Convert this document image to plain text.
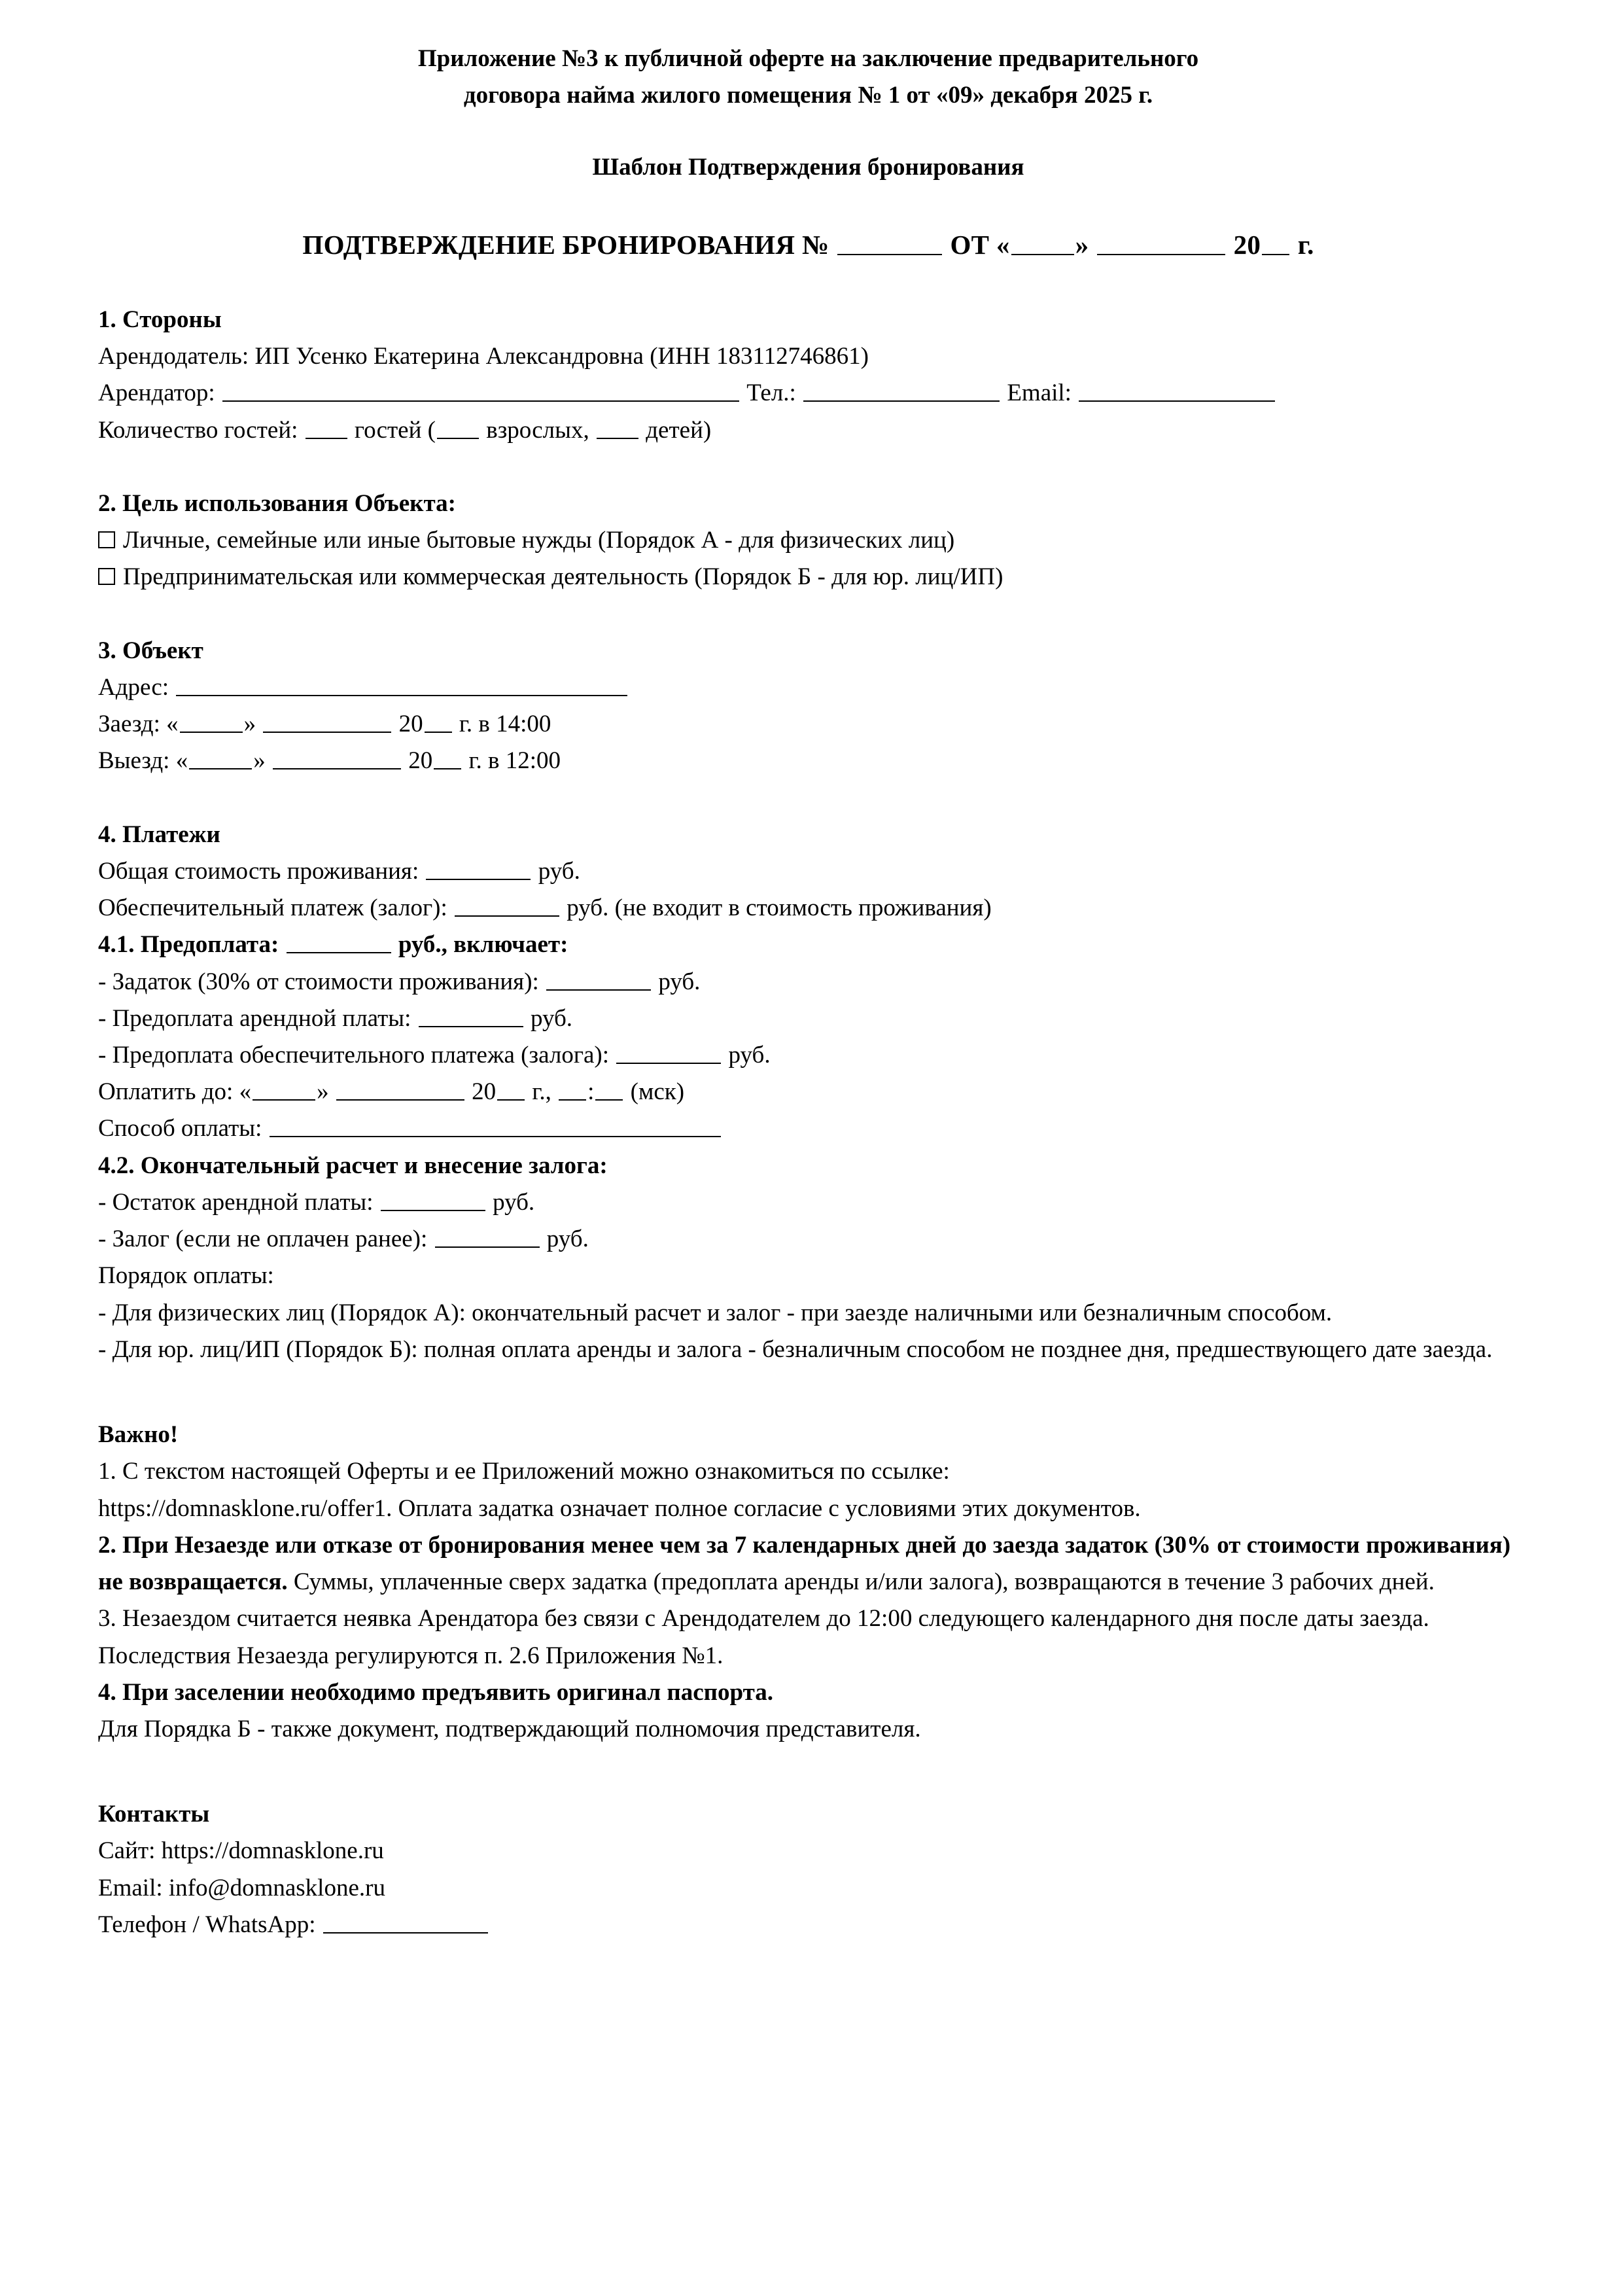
Приложение №3 к публичной оферте на заключение предварительного
договора найма жилого помещения № 1 от «09» декабря 2025 г.
Шаблон Подтверждения бронирования
ПОДТВЕРЖДЕНИЕ БРОНИРОВАНИЯ №	ОТ « »	20 г.
1. Стороны

Арендодатель: ИП Усенко Екатерина Александровна (ИНН 183112746861)

Арендатор:	Тел.:	Email:

Количество гостей: гостей ( взрослых, детей)

2. Цель использования Объекта:

Личные, семейные или иные бытовые нужды (Порядок А - для физических лиц)

Предпринимательская или коммерческая деятельность (Порядок Б - для юр. лиц/ИП)

3. Объект

Адрес:

Заезд: «	»	20 г. в 14:00

Выезд: «	»	20 г. в 12:00

4. Платежи

Общая стоимость проживания:	руб.

Обеспечительный платеж (залог):	руб. (не входит в стоимость проживания)

4.1. Предоплата:	руб., включает:

- Задаток (30% от стоимости проживания):	руб.

- Предоплата арендной платы:	руб.

- Предоплата обеспечительного платежа (залога):	руб.

Оплатить до: «	»	20 г., : (мск)

Способ оплаты:

4.2. Окончательный расчет и внесение залога:

- Остаток арендной платы:	руб.

- Залог (если не оплачен ранее):	руб.

Порядок оплаты:

- Для физических лиц (Порядок А): окончательный расчет и залог - при заезде наличными или безналичным способом.

- Для юр. лиц/ИП (Порядок Б): полная оплата аренды и залога - безналичным способом не позднее дня, предшествующего дате заезда.

Важно!

1. С текстом настоящей Оферты и ее Приложений можно ознакомиться по ссылке:

https://domnasklone.ru/offer1. Оплата задатка означает полное согласие с условиями этих документов.

2. При Незаезде или отказе от бронирования менее чем за 7 календарных дней до заезда задаток (30% от стоимости проживания) не возвращается. Суммы, уплаченные сверх задатка (предоплата аренды и/или залога), возвращаются в течение 3 рабочих дней.

3. Незаездом считается неявка Арендатора без связи с Арендодателем до 12:00 следующего календарного дня после даты заезда. Последствия Незаезда регулируются п. 2.6 Приложения №1.

4. При заселении необходимо предъявить оригинал паспорта.

Для Порядка Б - также документ, подтверждающий полномочия представителя.

Контакты

Сайт: https://domnasklone.ru

Email: info@domnasklone.ru

Телефон / WhatsApp:
